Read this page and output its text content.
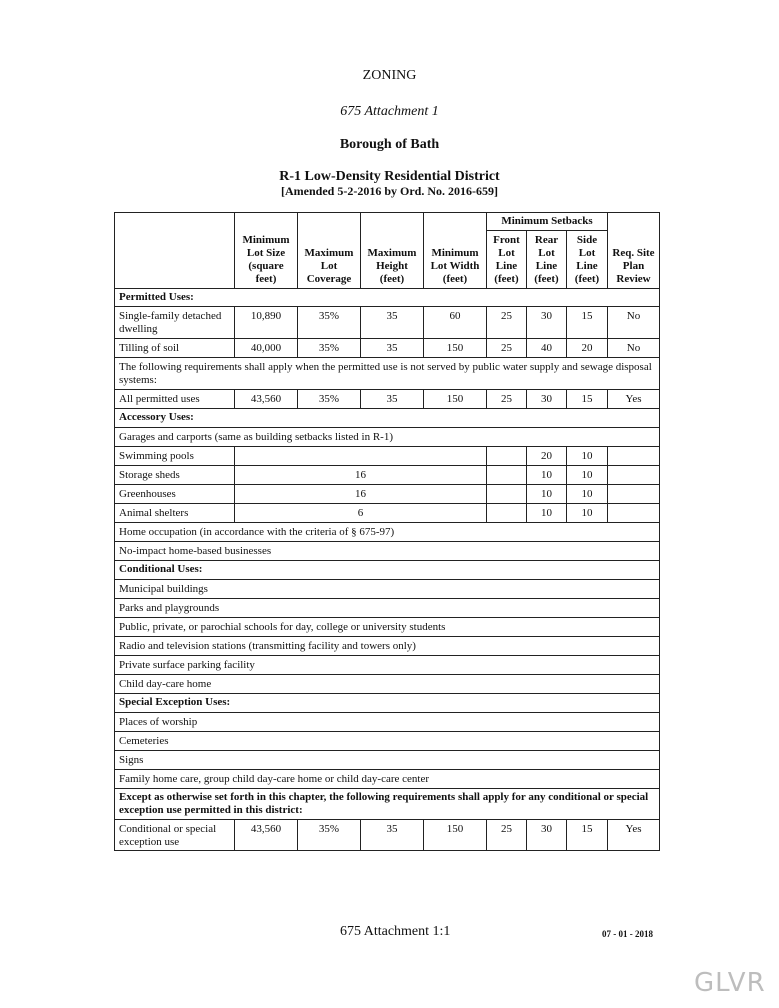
ZONING
675 Attachment 1
Borough of Bath
R-1 Low-Density Residential District
[Amended 5-2-2016 by Ord. No. 2016-659]
	Minimum Lot Size (square feet)	Maximum Lot Coverage	Maximum Height (feet)	Minimum Lot Width (feet)	Minimum Setbacks			Req. Site Plan Review
					Front Lot Line (feet)	Rear Lot Line (feet)	Side Lot Line (feet)	
Permitted Uses:								
Single-family detached dwelling	10,890	35%	35	60	25	30	15	No
Tilling of soil	40,000	35%	35	150	25	40	20	No
The following requirements shall apply when the permitted use is not served by public water supply and sewage disposal systems:								
All permitted uses	43,560	35%	35	150	25	30	15	Yes
Accessory Uses:								
Garages and carports (same as building setbacks listed in R-1)								
Swimming pools						20	10	
Storage sheds	16					10	10	
Greenhouses	16					10	10	
Animal shelters	6					10	10	
Home occupation (in accordance with the criteria of § 675-97)								
No-impact home-based businesses								
Conditional Uses:								
Municipal buildings								
Parks and playgrounds								
Public, private, or parochial schools for day, college or university students								
Radio and television stations (transmitting facility and towers only)								
Private surface parking facility								
Child day-care home								
Special Exception Uses:								
Places of worship								
Cemeteries								
Signs								
Family home care, group child day-care home or child day-care center								
Except as otherwise set forth in this chapter, the following requirements shall apply for any conditional or special exception use permitted in this district:								
Conditional or special exception use	43,560	35%	35	150	25	30	15	Yes
675 Attachment 1:1	07 - 01 - 2018
GLVR
